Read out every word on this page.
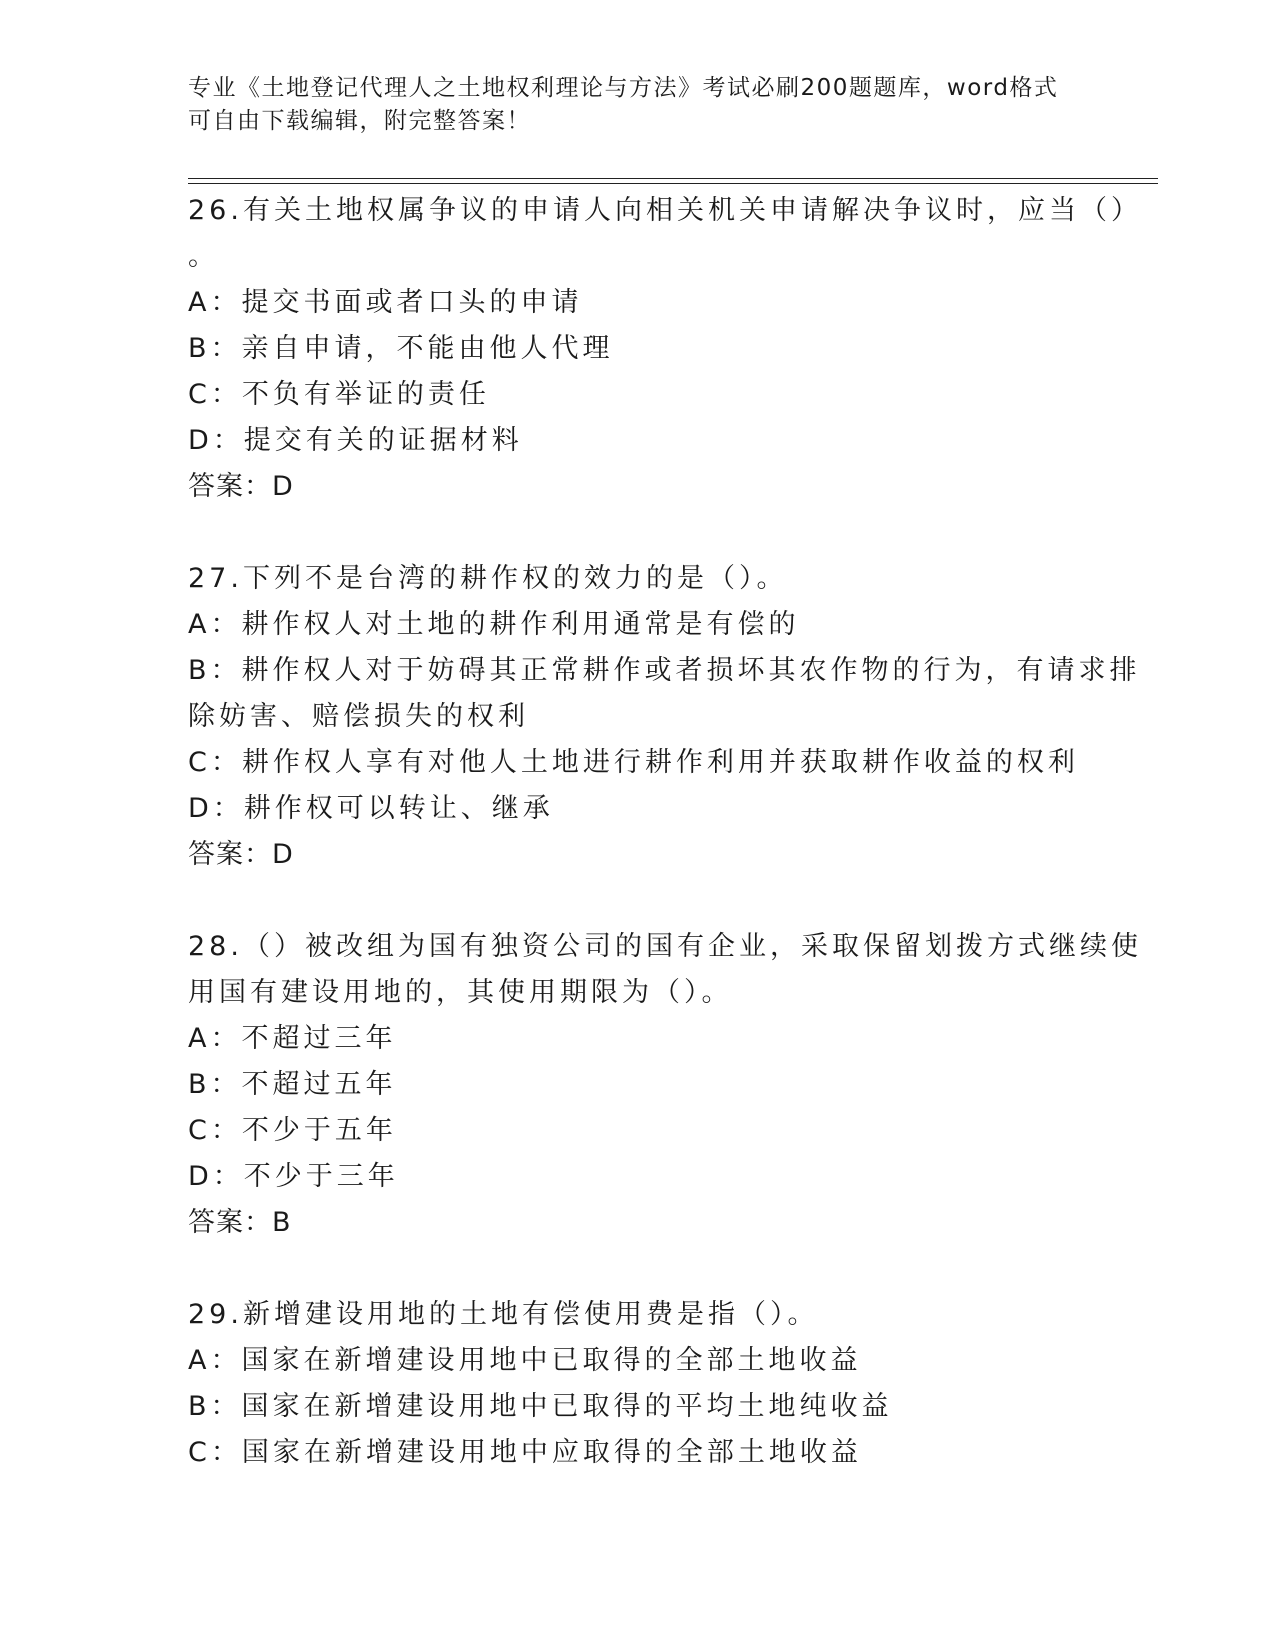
专业《土地登记代理人之土地权利理论与方法》考试必刷200题题库，word格式
可自由下载编辑，附完整答案！
26.有关土地权属争议的申请人向相关机关申请解决争议时，应当（）
。
A：提交书面或者口头的申请
B：亲自申请，不能由他人代理
C：不负有举证的责任
D：提交有关的证据材料
答案：D
27.下列不是台湾的耕作权的效力的是（）。
A：耕作权人对土地的耕作利用通常是有偿的
B：耕作权人对于妨碍其正常耕作或者损坏其农作物的行为，有请求排
除妨害、赔偿损失的权利
C：耕作权人享有对他人土地进行耕作利用并获取耕作收益的权利
D：耕作权可以转让、继承
答案：D
28.（）被改组为国有独资公司的国有企业，采取保留划拨方式继续使
用国有建设用地的，其使用期限为（）。
A：不超过三年
B：不超过五年
C：不少于五年
D：不少于三年
答案：B
29.新增建设用地的土地有偿使用费是指（）。
A：国家在新增建设用地中已取得的全部土地收益
B：国家在新增建设用地中已取得的平均土地纯收益
C：国家在新增建设用地中应取得的全部土地收益
